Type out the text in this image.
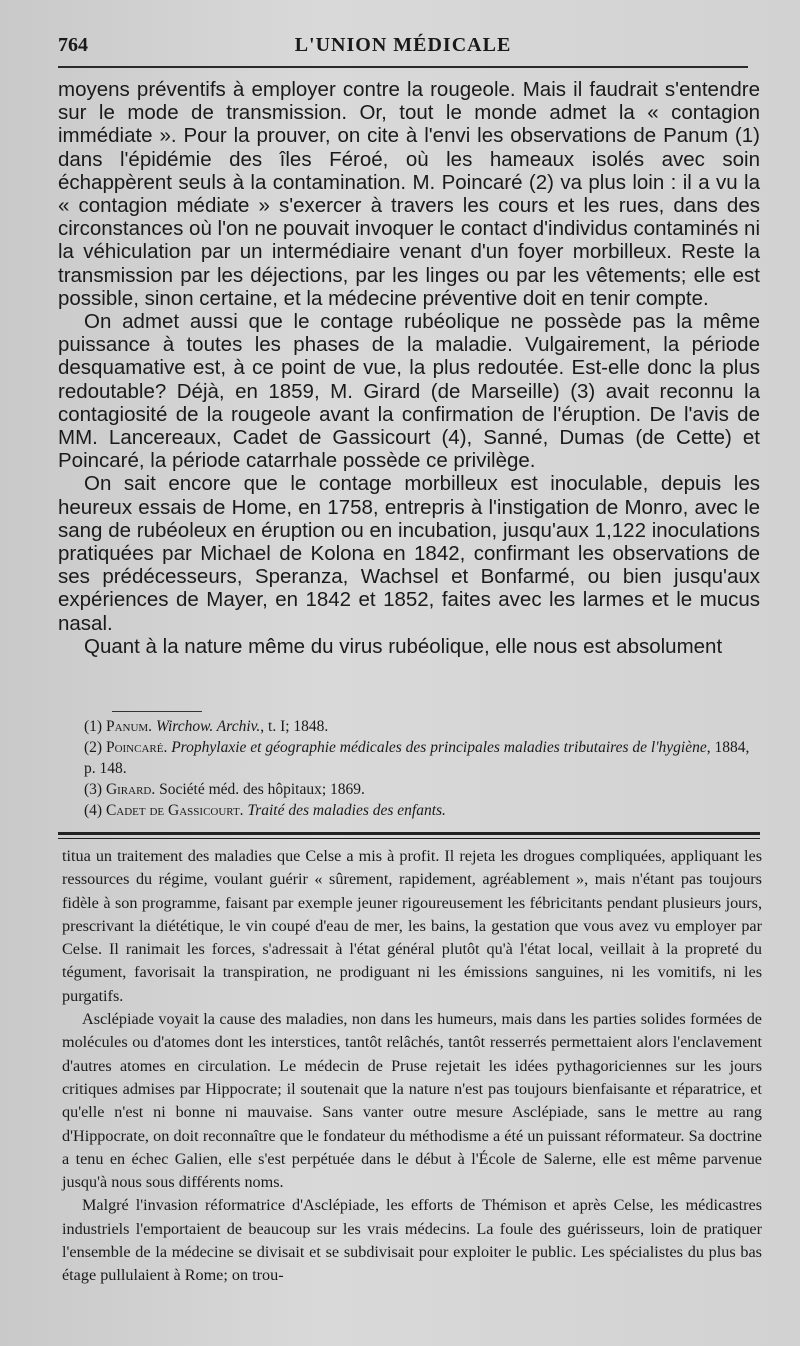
764	L'UNION MÉDICALE

moyens préventifs à employer contre la rougeole. Mais il faudrait s'entendre sur le mode de transmission. Or, tout le monde admet la « contagion immédiate ». Pour la prouver, on cite à l'envi les observations de Panum (1) dans l'épidémie des îles Féroé, où les hameaux isolés avec soin échappèrent seuls à la contamination. M. Poincaré (2) va plus loin : il a vu la « contagion médiate » s'exercer à travers les cours et les rues, dans des circonstances où l'on ne pouvait invoquer le contact d'individus contaminés ni la véhiculation par un intermédiaire venant d'un foyer morbilleux. Reste la transmission par les déjections, par les linges ou par les vêtements; elle est possible, sinon certaine, et la médecine préventive doit en tenir compte.

On admet aussi que le contage rubéolique ne possède pas la même puissance à toutes les phases de la maladie. Vulgairement, la période desquamative est, à ce point de vue, la plus redoutée. Est-elle donc la plus redoutable? Déjà, en 1859, M. Girard (de Marseille) (3) avait reconnu la contagiosité de la rougeole avant la confirmation de l'éruption. De l'avis de MM. Lancereaux, Cadet de Gassicourt (4), Sanné, Dumas (de Cette) et Poincaré, la période catarrhale possède ce privilège.

On sait encore que le contage morbilleux est inoculable, depuis les heureux essais de Home, en 1758, entrepris à l'instigation de Monro, avec le sang de rubéoleux en éruption ou en incubation, jusqu'aux 1,122 inoculations pratiquées par Michael de Kolona en 1842, confirmant les observations de ses prédécesseurs, Speranza, Wachsel et Bonfarmé, ou bien jusqu'aux expériences de Mayer, en 1842 et 1852, faites avec les larmes et le mucus nasal.

Quant à la nature même du virus rubéolique, elle nous est absolument

(1) Panum. Wirchow. Archiv., t. I; 1848.

(2) Poincaré. Prophylaxie et géographie médicales des principales maladies tributaires de l'hygiène, 1884, p. 148.

(3) Girard. Société méd. des hôpitaux; 1869.

(4) Cadet de Gassicourt. Traité des maladies des enfants.

titua un traitement des maladies que Celse a mis à profit. Il rejeta les drogues compliquées, appliquant les ressources du régime, voulant guérir « sûrement, rapidement, agréablement », mais n'étant pas toujours fidèle à son programme, faisant par exemple jeuner rigoureusement les fébricitants pendant plusieurs jours, prescrivant la diététique, le vin coupé d'eau de mer, les bains, la gestation que vous avez vu employer par Celse. Il ranimait les forces, s'adressait à l'état général plutôt qu'à l'état local, veillait à la propreté du tégument, favorisait la transpiration, ne prodiguant ni les émissions sanguines, ni les vomitifs, ni les purgatifs.

Asclépiade voyait la cause des maladies, non dans les humeurs, mais dans les parties solides formées de molécules ou d'atomes dont les interstices, tantôt relâchés, tantôt resserrés permettaient alors l'enclavement d'autres atomes en circulation. Le médecin de Pruse rejetait les idées pythagoriciennes sur les jours critiques admises par Hippocrate; il soutenait que la nature n'est pas toujours bienfaisante et réparatrice, et qu'elle n'est ni bonne ni mauvaise. Sans vanter outre mesure Asclépiade, sans le mettre au rang d'Hippocrate, on doit reconnaître que le fondateur du méthodisme a été un puissant réformateur. Sa doctrine a tenu en échec Galien, elle s'est perpétuée dans le début à l'École de Salerne, elle est même parvenue jusqu'à nous sous différents noms.

Malgré l'invasion réformatrice d'Asclépiade, les efforts de Thémison et après Celse, les médicastres industriels l'emportaient de beaucoup sur les vrais médecins. La foule des guérisseurs, loin de pratiquer l'ensemble de la médecine se divisait et se subdivisait pour exploiter le public. Les spécialistes du plus bas étage pullulaient à Rome; on trou-
